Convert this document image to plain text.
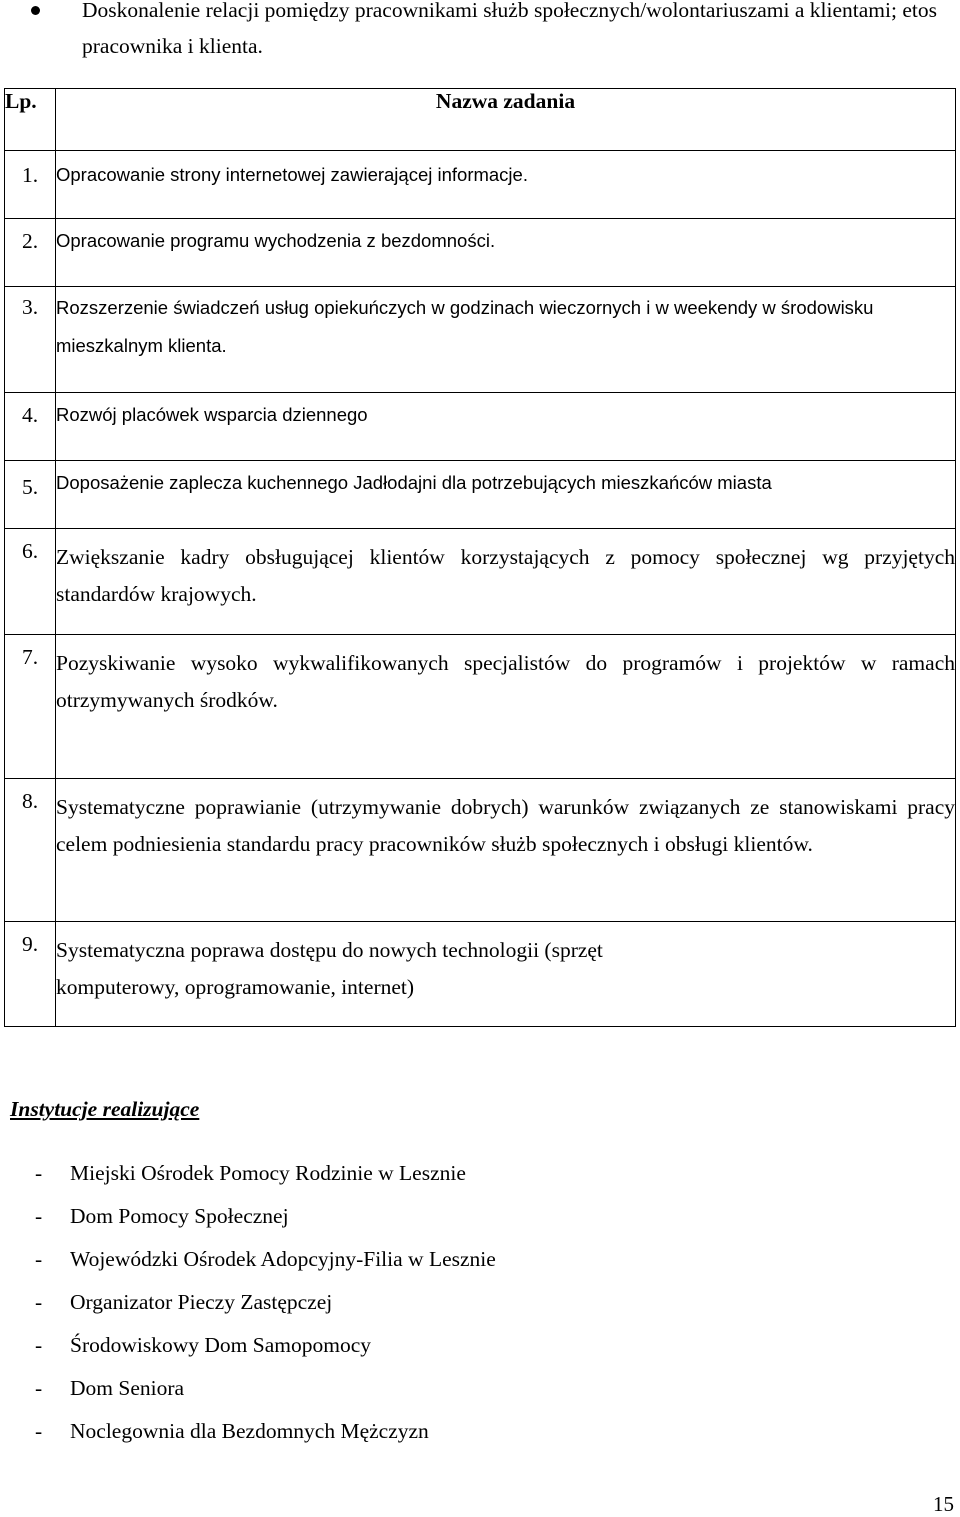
Doskonalenie relacji pomiędzy pracownikami służb społecznych/wolontariuszami a klientami; etos pracownika i klienta.
Lp.	Nazwa zadania
1.	Opracowanie strony internetowej zawierającej informacje.
2.	Opracowanie programu wychodzenia z bezdomności.
3.	Rozszerzenie świadczeń usług opiekuńczych w godzinach wieczornych i w weekendy w środowisku mieszkalnym klienta.
4.	Rozwój placówek wsparcia dziennego
5.	Doposażenie zaplecza kuchennego Jadłodajni dla potrzebujących mieszkańców miasta
6.	Zwiększanie kadry obsługującej klientów korzystających z pomocy społecznej wg przyjętych standardów krajowych.
7.	Pozyskiwanie wysoko wykwalifikowanych specjalistów do programów i projektów w ramach otrzymywanych środków.
8.	Systematyczne poprawianie (utrzymywanie dobrych) warunków związanych ze stanowiskami pracy celem podniesienia standardu pracy pracowników służb społecznych i obsługi klientów.
9.	Systematyczna poprawa dostępu do nowych technologii (sprzęt komputerowy, oprogramowanie, internet)
Instytucje realizujące
- Miejski Ośrodek Pomocy Rodzinie w Lesznie
- Dom Pomocy Społecznej
- Wojewódzki Ośrodek Adopcyjny-Filia w Lesznie
- Organizator Pieczy Zastępczej
- Środowiskowy Dom Samopomocy
- Dom Seniora
- Noclegownia dla Bezdomnych Mężczyzn
15
